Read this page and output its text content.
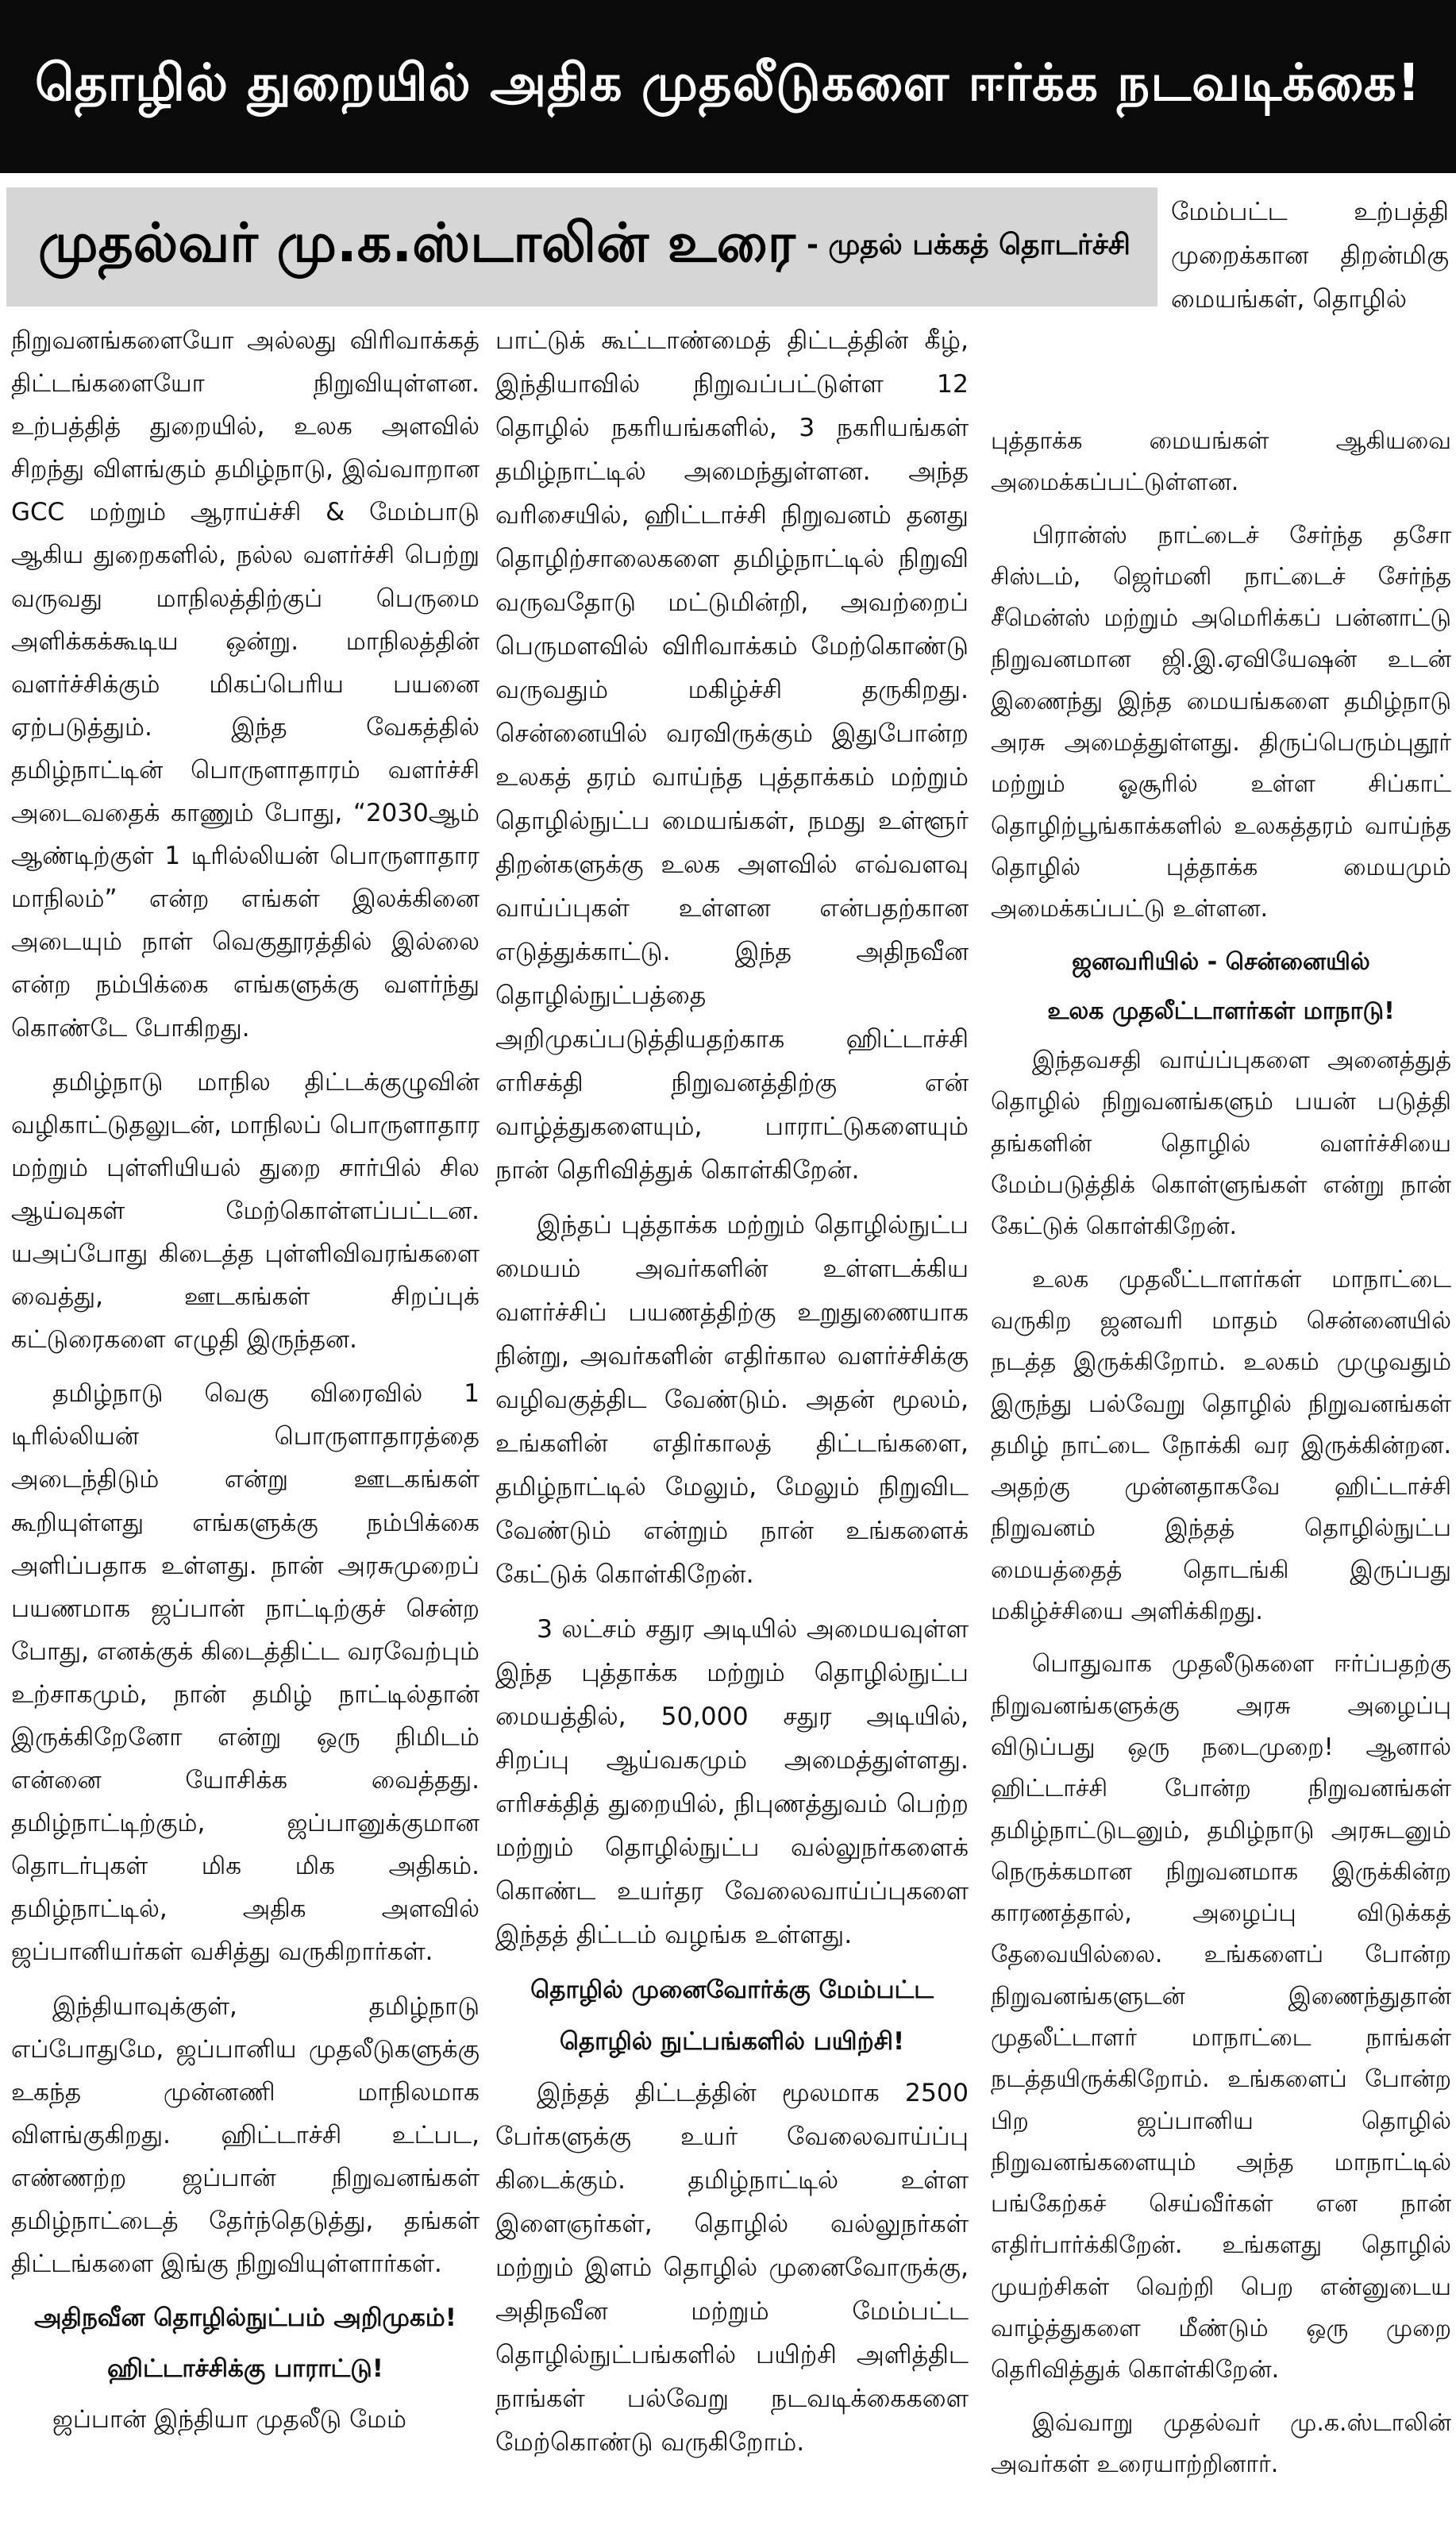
தொழில் துறையில் அதிக முதலீடுகளை ஈர்க்க நடவடிக்கை!
முதல்வர் மு.க.ஸ்டாலின் உரை - முதல் பக்கத் தொடர்ச்சி

மேம்பட்ட உற்பத்தி முறைக்கான திறன்மிகு மையங்கள், தொழில்

நிறுவனங்களையோ அல்லது விரிவாக்கத் திட்டங்களையோ நிறுவியுள்ளன. உற்பத்தித் துறையில், உலக அளவில் சிறந்து விளங்கும் தமிழ்நாடு, இவ்வாறான GCC மற்றும் ஆராய்ச்சி & மேம்பாடு ஆகிய துறைகளில், நல்ல வளர்ச்சி பெற்று வருவது மாநிலத்திற்குப் பெருமை அளிக்கக்கூடிய ஒன்று. மாநிலத்தின் வளர்ச்சிக்கும் மிகப்பெரிய பயனை ஏற்படுத்தும். இந்த வேகத்தில் தமிழ்நாட்டின் பொருளாதாரம் வளர்ச்சி அடைவதைக் காணும் போது, “2030ஆம் ஆண்டிற்குள் 1 டிரில்லியன் பொருளாதார மாநிலம்” என்ற எங்கள் இலக்கினை அடையும் நாள் வெகுதூரத்தில் இல்லை என்ற நம்பிக்கை எங்களுக்கு வளர்ந்து கொண்டே போகிறது.

தமிழ்நாடு மாநில திட்டக்குழுவின் வழிகாட்டுதலுடன், மாநிலப் பொருளாதார மற்றும் புள்ளியியல் துறை சார்பில் சில ஆய்வுகள் மேற்கொள்ளப்பட்டன. யஅப்போது கிடைத்த புள்ளிவிவரங்களை வைத்து, ஊடகங்கள் சிறப்புக் கட்டுரைகளை எழுதி இருந்தன.

தமிழ்நாடு வெகு விரைவில் 1 டிரில்லியன் பொருளாதாரத்தை அடைந்திடும் என்று ஊடகங்கள் கூறியுள்ளது எங்களுக்கு நம்பிக்கை அளிப்பதாக உள்ளது. நான் அரசுமுறைப் பயணமாக ஜப்பான் நாட்டிற்குச் சென்ற போது, எனக்குக் கிடைத்திட்ட வரவேற்பும் உற்சாகமும், நான் தமிழ் நாட்டில்தான் இருக்கிறேனோ என்று ஒரு நிமிடம் என்னை யோசிக்க வைத்தது. தமிழ்நாட்டிற்கும், ஜப்பானுக்குமான தொடர்புகள் மிக மிக அதிகம். தமிழ்நாட்டில், அதிக அளவில் ஜப்பானியர்கள் வசித்து வருகிறார்கள்.

இந்தியாவுக்குள், தமிழ்நாடு எப்போதுமே, ஜப்பானிய முதலீடுகளுக்கு உகந்த முன்னணி மாநிலமாக விளங்குகிறது. ஹிட்டாச்சி உட்பட, எண்ணற்ற ஜப்பான் நிறுவனங்கள் தமிழ்நாட்டைத் தேர்ந்தெடுத்து, தங்கள் திட்டங்களை இங்கு நிறுவியுள்ளார்கள்.

அதிநவீன தொழில்நுட்பம் அறிமுகம்!
ஹிட்டாச்சிக்கு பாராட்டு!

ஜப்பான் இந்தியா முதலீடு மேம்

பாட்டுக் கூட்டாண்மைத் திட்டத்தின் கீழ், இந்தியாவில் நிறுவப்பட்டுள்ள 12 தொழில் நகரியங்களில், 3 நகரியங்கள் தமிழ்நாட்டில் அமைந்துள்ளன. அந்த வரிசையில், ஹிட்டாச்சி நிறுவனம் தனது தொழிற்சாலைகளை தமிழ்நாட்டில் நிறுவி வருவதோடு மட்டுமின்றி, அவற்றைப் பெருமளவில் விரிவாக்கம் மேற்கொண்டு வருவதும் மகிழ்ச்சி தருகிறது. சென்னையில் வரவிருக்கும் இதுபோன்ற உலகத் தரம் வாய்ந்த புத்தாக்கம் மற்றும் தொழில்நுட்ப மையங்கள், நமது உள்ளூர் திறன்களுக்கு உலக அளவில் எவ்வளவு வாய்ப்புகள் உள்ளன என்பதற்கான எடுத்துக்காட்டு. இந்த அதிநவீன தொழில்நுட்பத்தை அறிமுகப்படுத்தியதற்காக ஹிட்டாச்சி எரிசக்தி நிறுவனத்திற்கு என் வாழ்த்துகளையும், பாராட்டுகளையும் நான் தெரிவித்துக் கொள்கிறேன்.

இந்தப் புத்தாக்க மற்றும் தொழில்நுட்ப மையம் அவர்களின் உள்ளடக்கிய வளர்ச்சிப் பயணத்திற்கு உறுதுணையாக நின்று, அவர்களின் எதிர்கால வளர்ச்சிக்கு வழிவகுத்திட வேண்டும். அதன் மூலம், உங்களின் எதிர்காலத் திட்டங்களை, தமிழ்நாட்டில் மேலும், மேலும் நிறுவிட வேண்டும் என்றும் நான் உங்களைக் கேட்டுக் கொள்கிறேன்.

3 லட்சம் சதுர அடியில் அமையவுள்ள இந்த புத்தாக்க மற்றும் தொழில்நுட்ப மையத்தில், 50,000 சதுர அடியில், சிறப்பு ஆய்வகமும் அமைத்துள்ளது. எரிசக்தித் துறையில், நிபுணத்துவம் பெற்ற மற்றும் தொழில்நுட்ப வல்லுநர்களைக் கொண்ட உயர்தர வேலைவாய்ப்புகளை இந்தத் திட்டம் வழங்க உள்ளது.

தொழில் முனைவோர்க்கு மேம்பட்ட
தொழில் நுட்பங்களில் பயிற்சி!

இந்தத் திட்டத்தின் மூலமாக 2500 பேர்களுக்கு உயர் வேலைவாய்ப்பு கிடைக்கும். தமிழ்நாட்டில் உள்ள இளைஞர்கள், தொழில் வல்லுநர்கள் மற்றும் இளம் தொழில் முனைவோருக்கு, அதிநவீன மற்றும் மேம்பட்ட தொழில்நுட்பங்களில் பயிற்சி அளித்திட நாங்கள் பல்வேறு நடவடிக்கைகளை மேற்கொண்டு வருகிறோம்.

புத்தாக்க மையங்கள் ஆகியவை அமைக்கப்பட்டுள்ளன.

பிரான்ஸ் நாட்டைச் சேர்ந்த தசோ சிஸ்டம், ஜெர்மனி நாட்டைச் சேர்ந்த சீமென்ஸ் மற்றும் அமெரிக்கப் பன்னாட்டு நிறுவனமான ஜி.இ.ஏவியேஷன் உடன் இணைந்து இந்த மையங்களை தமிழ்நாடு அரசு அமைத்துள்ளது. திருப்பெரும்புதூர் மற்றும் ஓசூரில் உள்ள சிப்காட் தொழிற்பூங்காக்களில் உலகத்தரம் வாய்ந்த தொழில் புத்தாக்க மையமும் அமைக்கப்பட்டு உள்ளன.

ஜனவரியில் - சென்னையில்
உலக முதலீட்டாளர்கள் மாநாடு!

இந்தவசதி வாய்ப்புகளை அனைத்துத் தொழில் நிறுவனங்களும் பயன் படுத்தி தங்களின் தொழில் வளர்ச்சியை மேம்படுத்திக் கொள்ளுங்கள் என்று நான் கேட்டுக் கொள்கிறேன்.

உலக முதலீட்டாளர்கள் மாநாட்டை வருகிற ஜனவரி மாதம் சென்னையில் நடத்த இருக்கிறோம். உலகம் முழுவதும் இருந்து பல்வேறு தொழில் நிறுவனங்கள் தமிழ் நாட்டை நோக்கி வர இருக்கின்றன. அதற்கு முன்னதாகவே ஹிட்டாச்சி நிறுவனம் இந்தத் தொழில்நுட்ப மையத்தைத் தொடங்கி இருப்பது மகிழ்ச்சியை அளிக்கிறது.

பொதுவாக முதலீடுகளை ஈர்ப்பதற்கு நிறுவனங்களுக்கு அரசு அழைப்பு விடுப்பது ஒரு நடைமுறை! ஆனால் ஹிட்டாச்சி போன்ற நிறுவனங்கள் தமிழ்நாட்டுடனும், தமிழ்நாடு அரசுடனும் நெருக்கமான நிறுவனமாக இருக்கின்ற காரணத்தால், அழைப்பு விடுக்கத் தேவையில்லை. உங்களைப் போன்ற நிறுவனங்களுடன் இணைந்துதான் முதலீட்டாளர் மாநாட்டை நாங்கள் நடத்தயிருக்கிறோம். உங்களைப் போன்ற பிற ஜப்பானிய தொழில் நிறுவனங்களையும் அந்த மாநாட்டில் பங்கேற்கச் செய்வீர்கள் என நான் எதிர்பார்க்கிறேன். உங்களது தொழில் முயற்சிகள் வெற்றி பெற என்னுடைய வாழ்த்துகளை மீண்டும் ஒரு முறை தெரிவித்துக் கொள்கிறேன்.

இவ்வாறு முதல்வர் மு.க.ஸ்டாலின் அவர்கள் உரையாற்றினார்.
